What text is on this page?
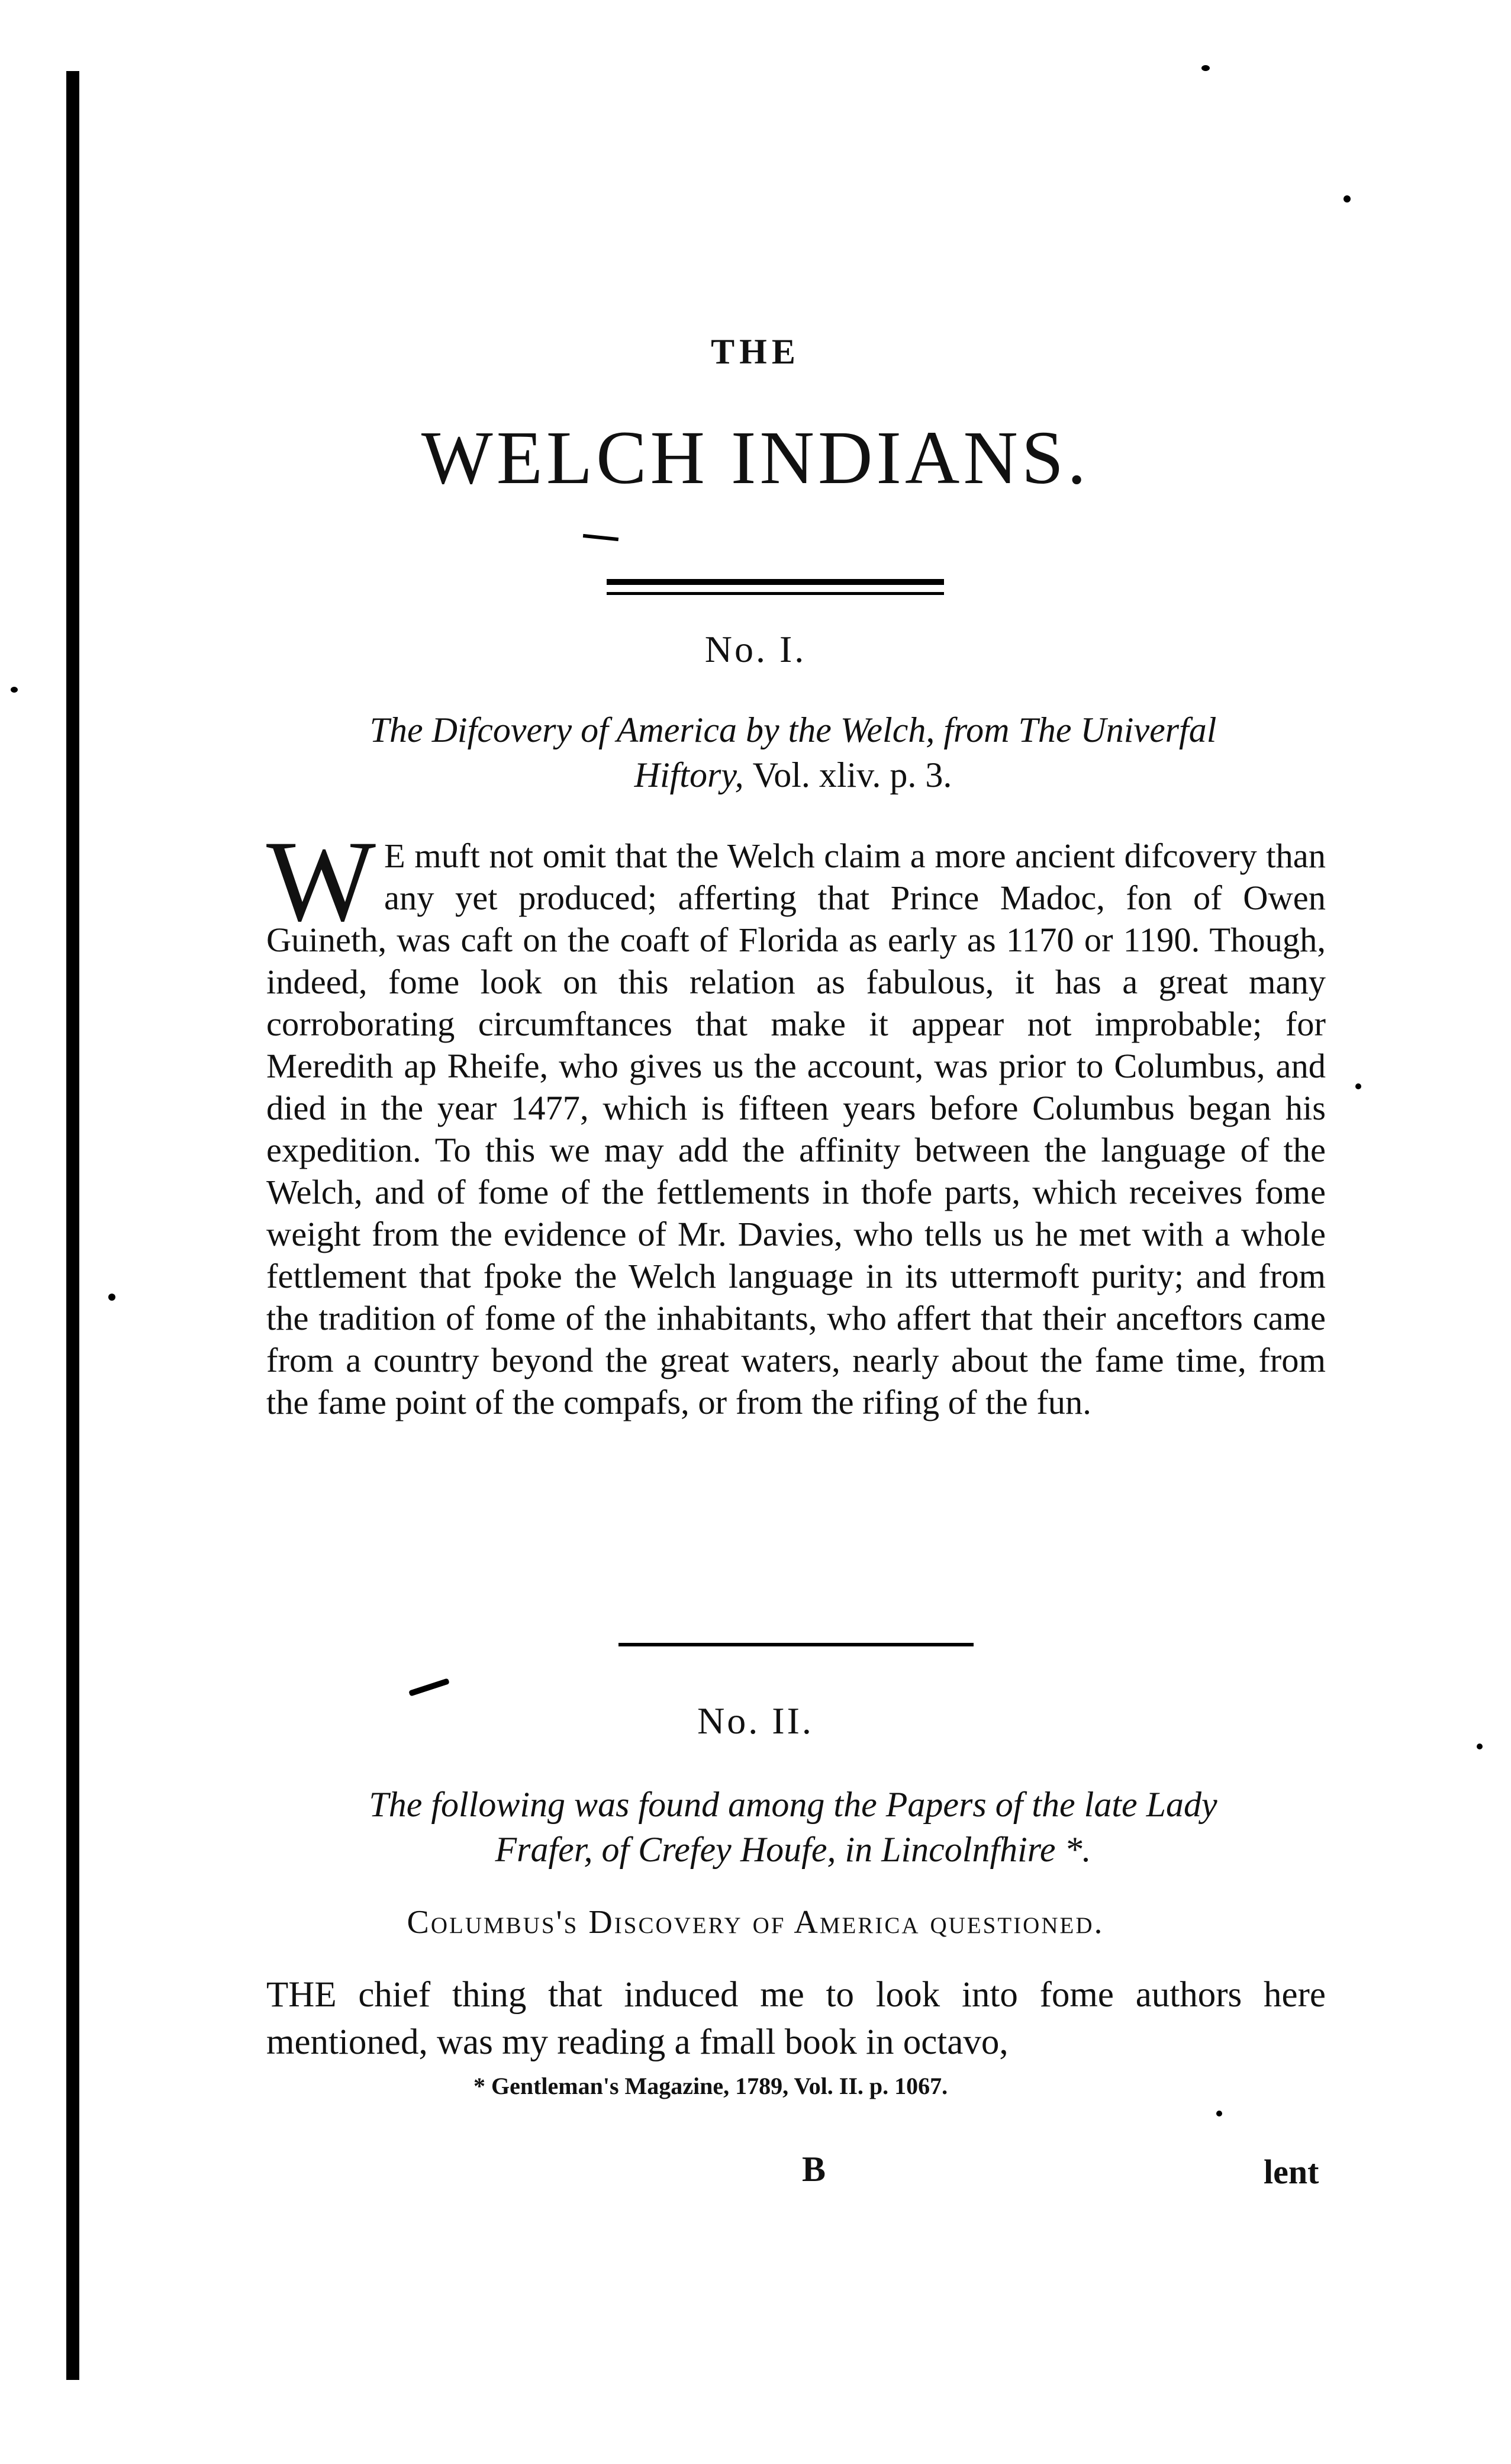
THE
WELCH INDIANS.
No. I.
The Difcovery of America by the Welch, from The Univerfal
Hiftory, Vol. xliv. p. 3.
W E muft not omit that the Welch claim a more ancient difcovery than any yet produced; afferting that Prince Madoc, fon of Owen Guineth, was caft on the coaft of Florida as early as 1170 or 1190. Though, indeed, fome look on this relation as fabulous, it has a great many corroborating circumftances that make it appear not improbable; for Meredith ap Rheife, who gives us the account, was prior to Columbus, and died in the year 1477, which is fifteen years before Columbus began his expedition. To this we may add the affinity between the language of the Welch, and of fome of the fettlements in thofe parts, which receives fome weight from the evidence of Mr. Davies, who tells us he met with a whole fettlement that fpoke the Welch language in its uttermoft purity; and from the tradition of fome of the inhabitants, who affert that their anceftors came from a country beyond the great waters, nearly about the fame time, from the fame point of the compafs, or from the rifing of the fun.
No. II.
The following was found among the Papers of the late Lady
Frafer, of Crefey Houfe, in Lincolnfhire *.
Columbus's Discovery of America questioned.
THE chief thing that induced me to look into fome authors here mentioned, was my reading a fmall book in octavo,
* Gentleman's Magazine, 1789, Vol. II. p. 1067.
B	lent
